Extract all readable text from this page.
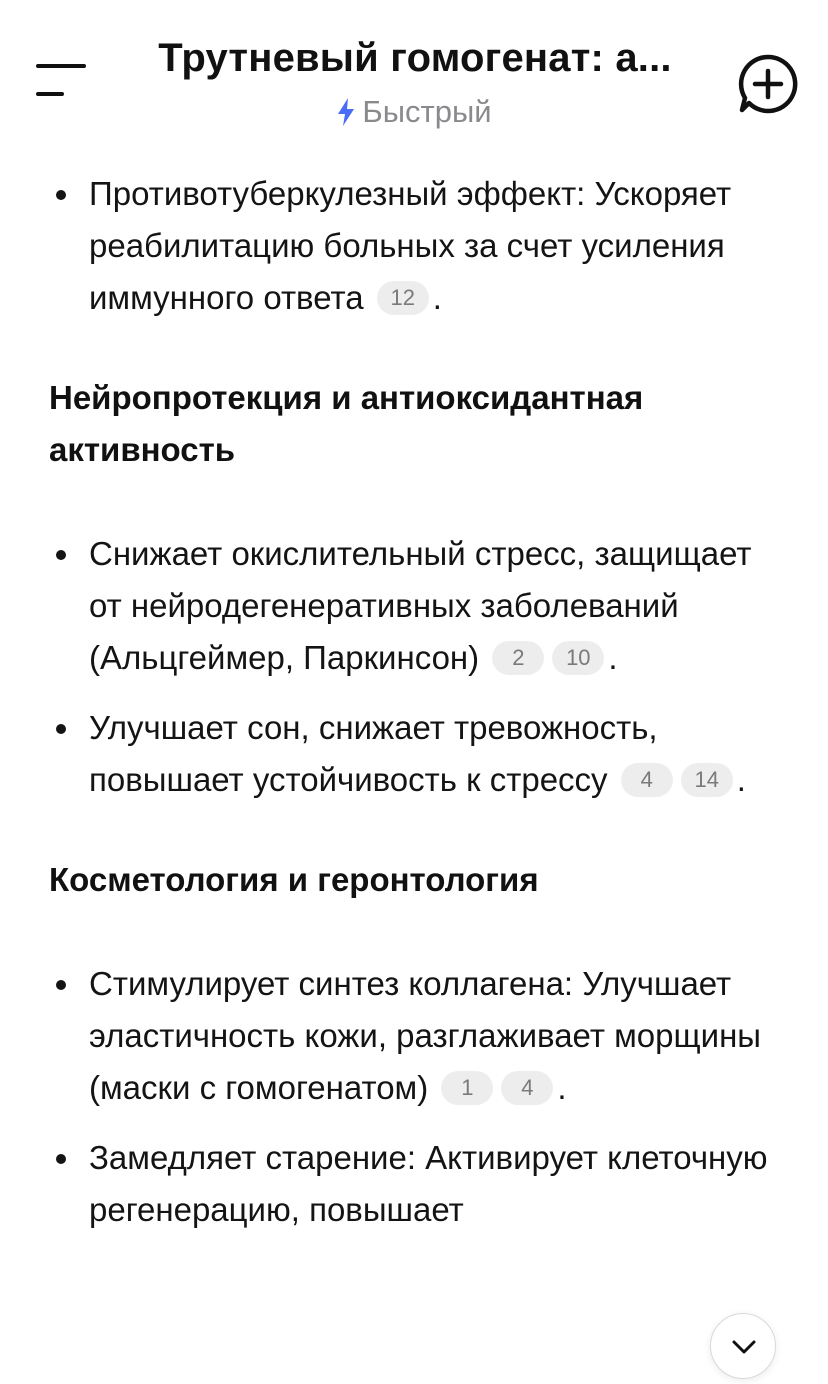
Трутневый гомогенат: а...
Быстрый
Противотуберкулезный эффект: Ускоряет реабилитацию больных за счет усиления иммунного ответа 12 .
Нейропротекция и антиоксидантная активность
Снижает окислительный стресс, защищает от нейродегенеративных заболеваний (Альцгеймер, Паркинсон) 2 10 .
Улучшает сон, снижает тревожность, повышает устойчивость к стрессу 4 14 .
Косметология и геронтология
Стимулирует синтез коллагена: Улучшает эластичность кожи, разглаживает морщины (маски с гомогенатом) 1 4 .
Замедляет старение: Активирует клеточную регенерацию, повышает
